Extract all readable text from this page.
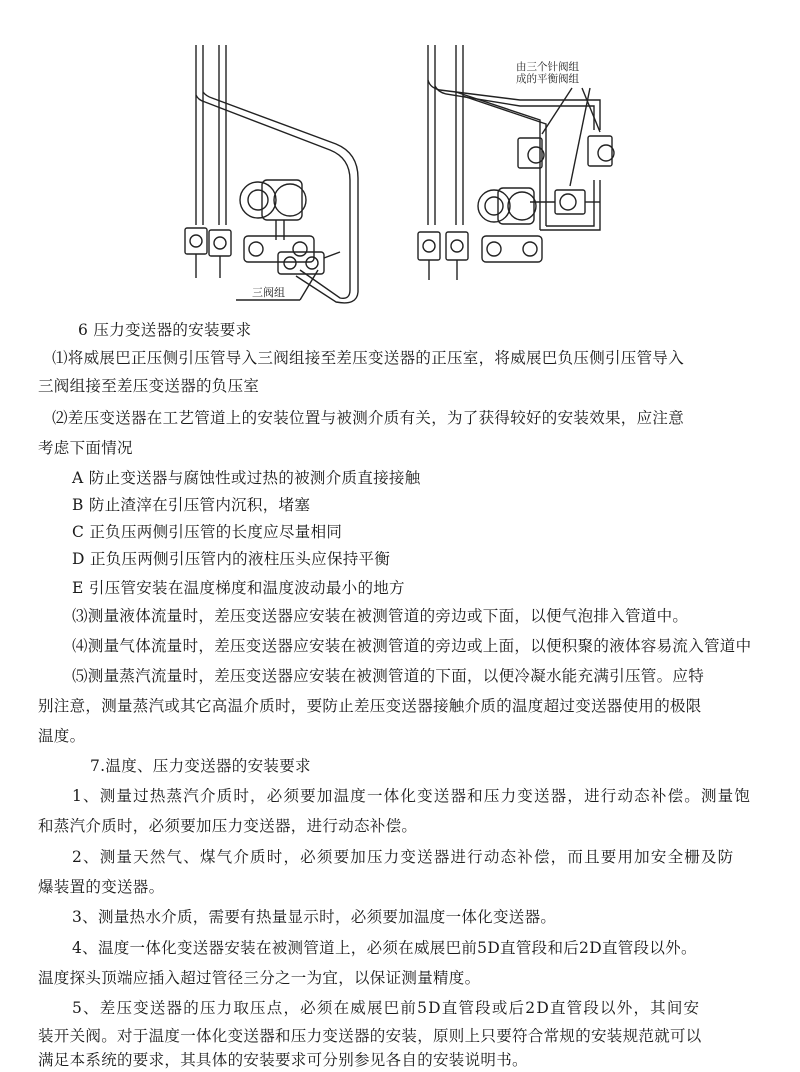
三阀组
由三个针阀组
成的平衡阀组
6 压力变送器的安装要求
⑴将威展巴正压侧引压管导入三阀组接至差压变送器的正压室，将威展巴负压侧引压管导入
三阀组接至差压变送器的负压室
⑵差压变送器在工艺管道上的安装位置与被测介质有关，为了获得较好的安装效果，应注意
考虑下面情况
A 防止变送器与腐蚀性或过热的被测介质直接接触
B 防止渣滓在引压管内沉积，堵塞
C 正负压两侧引压管的长度应尽量相同
D 正负压两侧引压管内的液柱压头应保持平衡
E 引压管安装在温度梯度和温度波动最小的地方
⑶测量液体流量时，差压变送器应安装在被测管道的旁边或下面，以便气泡排入管道中。
⑷测量气体流量时，差压变送器应安装在被测管道的旁边或上面，以便积聚的液体容易流入管道中
⑸测量蒸汽流量时，差压变送器应安装在被测管道的下面，以便冷凝水能充满引压管。应特
别注意，测量蒸汽或其它高温介质时，要防止差压变送器接触介质的温度超过变送器使用的极限
温度。
7.温度、压力变送器的安装要求
1、测量过热蒸汽介质时，必须要加温度一体化变送器和压力变送器，进行动态补偿。测量饱
和蒸汽介质时，必须要加压力变送器，进行动态补偿。
2、测量天然气、煤气介质时，必须要加压力变送器进行动态补偿，而且要用加安全栅及防
爆装置的变送器。
3、测量热水介质，需要有热量显示时，必须要加温度一体化变送器。
4、温度一体化变送器安装在被测管道上，必须在威展巴前5D直管段和后2D直管段以外。
温度探头顶端应插入超过管径三分之一为宜，以保证测量精度。
5、差压变送器的压力取压点，必须在威展巴前5D直管段或后2D直管段以外，其间安
装开关阀。对于温度一体化变送器和压力变送器的安装，原则上只要符合常规的安装规范就可以
满足本系统的要求，其具体的安装要求可分别参见各自的安装说明书。
